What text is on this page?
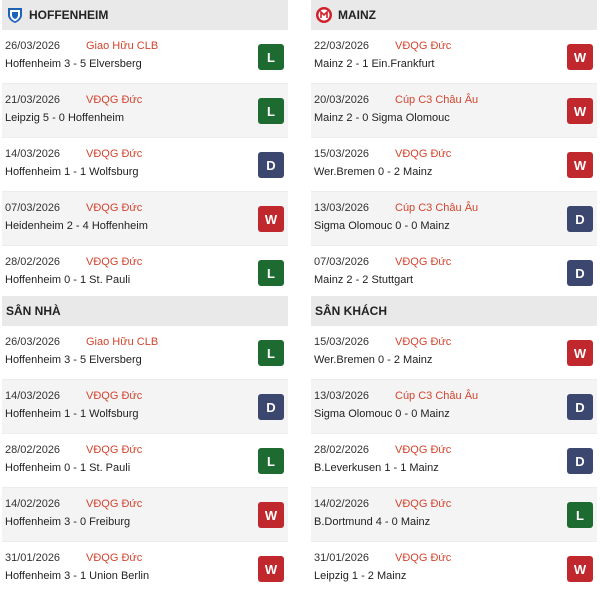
HOFFENHEIM
26/03/2026 Giao Hữu CLB
Hoffenheim 3 - 5 Elversberg	L
21/03/2026 VĐQG Đức
Leipzig 5 - 0 Hoffenheim	L
14/03/2026 VĐQG Đức
Hoffenheim 1 - 1 Wolfsburg	D
07/03/2026 VĐQG Đức
Heidenheim 2 - 4 Hoffenheim	W
28/02/2026 VĐQG Đức
Hoffenheim 0 - 1 St. Pauli	L
SÂN NHÀ
26/03/2026 Giao Hữu CLB
Hoffenheim 3 - 5 Elversberg	L
14/03/2026 VĐQG Đức
Hoffenheim 1 - 1 Wolfsburg	D
28/02/2026 VĐQG Đức
Hoffenheim 0 - 1 St. Pauli	L
14/02/2026 VĐQG Đức
Hoffenheim 3 - 0 Freiburg	W
31/01/2026 VĐQG Đức
Hoffenheim 3 - 1 Union Berlin	W
MAINZ
22/03/2026 VĐQG Đức
Mainz 2 - 1 Ein.Frankfurt	W
20/03/2026 Cúp C3 Châu Âu
Mainz 2 - 0 Sigma Olomouc	W
15/03/2026 VĐQG Đức
Wer.Bremen 0 - 2 Mainz	W
13/03/2026 Cúp C3 Châu Âu
Sigma Olomouc 0 - 0 Mainz	D
07/03/2026 VĐQG Đức
Mainz 2 - 2 Stuttgart	D
SÂN KHÁCH
15/03/2026 VĐQG Đức
Wer.Bremen 0 - 2 Mainz	W
13/03/2026 Cúp C3 Châu Âu
Sigma Olomouc 0 - 0 Mainz	D
28/02/2026 VĐQG Đức
B.Leverkusen 1 - 1 Mainz	D
14/02/2026 VĐQG Đức
B.Dortmund 4 - 0 Mainz	L
31/01/2026 VĐQG Đức
Leipzig 1 - 2 Mainz	W
